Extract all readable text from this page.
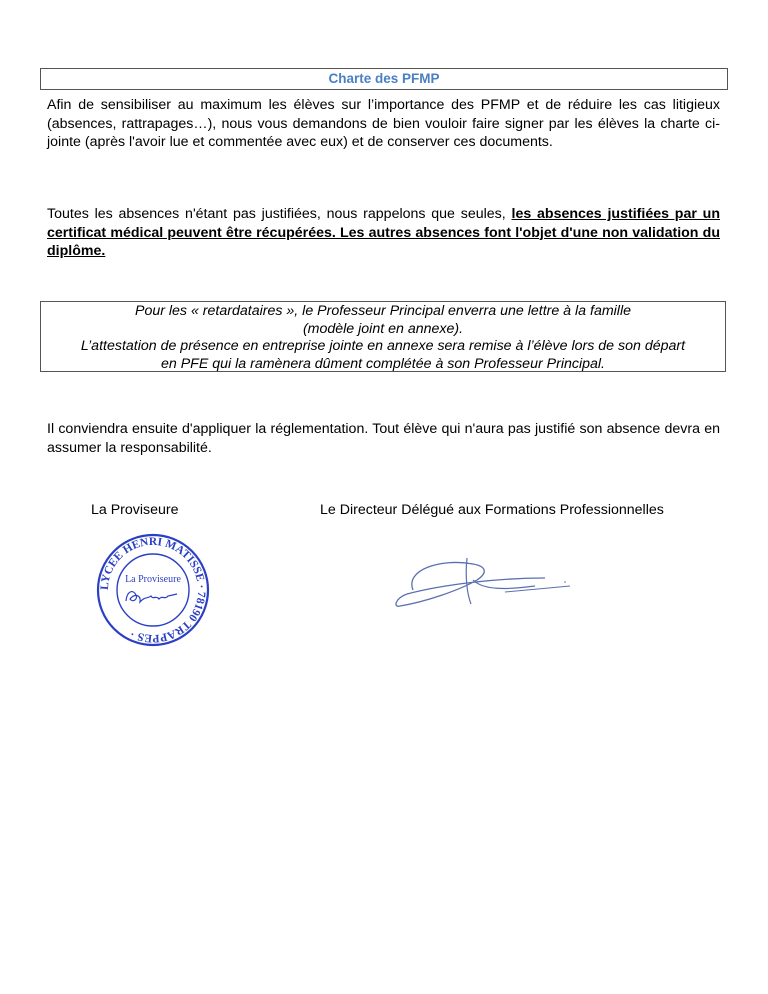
Charte des PFMP

Afin de sensibiliser au maximum les élèves sur l’importance des PFMP et de réduire les cas litigieux (absences, rattrapages…), nous vous demandons de bien vouloir faire signer par les élèves la charte ci-jointe (après l'avoir lue et commentée avec eux) et de conserver ces documents.

Toutes les absences n'étant pas justifiées, nous rappelons que seules, les absences justifiées par un certificat médical peuvent être récupérées. Les autres absences font l'objet d'une non validation du diplôme.

Pour les « retardataires », le Professeur Principal enverra une lettre à la famille
(modèle joint en annexe).
L’attestation de présence en entreprise jointe en annexe sera remise à l’élève lors de son départ
en PFE qui la ramènera dûment complétée à son Professeur Principal.

Il conviendra ensuite d'appliquer la réglementation. Tout élève qui n'aura pas justifié son absence devra en assumer la responsabilité.

La Proviseure	Le Directeur Délégué aux Formations Professionnelles
LYCEE HENRI MATISSE · 78190 TRAPPES ·
La Proviseure
